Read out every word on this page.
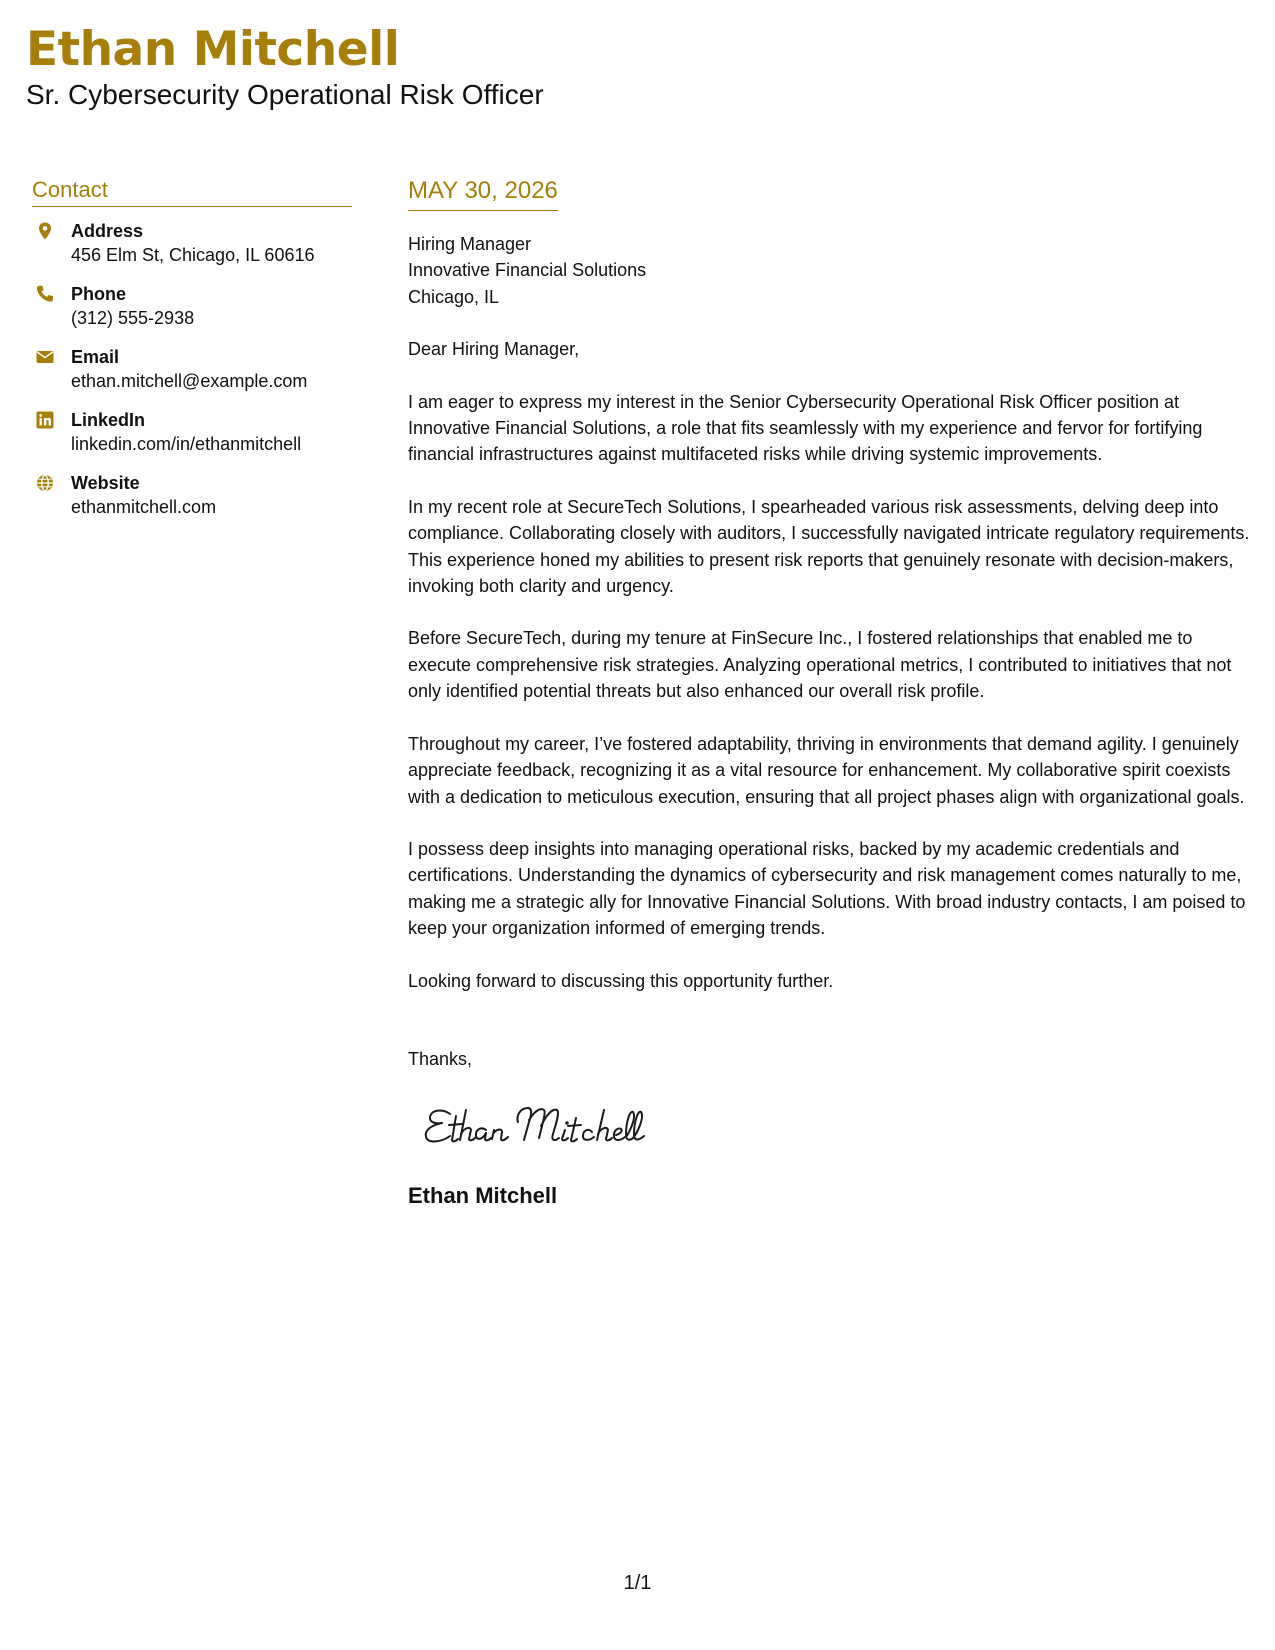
Ethan Mitchell
Sr. Cybersecurity Operational Risk Officer
Contact
Address
456 Elm St, Chicago, IL 60616
Phone
(312) 555-2938
Email
ethan.mitchell@example.com
LinkedIn
linkedin.com/in/ethanmitchell
Website
ethanmitchell.com
MAY 30, 2026
Hiring Manager
Innovative Financial Solutions
Chicago, IL
Dear Hiring Manager,

I am eager to express my interest in the Senior Cybersecurity Operational Risk Officer position at Innovative Financial Solutions, a role that fits seamlessly with my experience and fervor for fortifying financial infrastructures against multifaceted risks while driving systemic improvements.

In my recent role at SecureTech Solutions, I spearheaded various risk assessments, delving deep into compliance. Collaborating closely with auditors, I successfully navigated intricate regulatory requirements. This experience honed my abilities to present risk reports that genuinely resonate with decision-makers, invoking both clarity and urgency.

Before SecureTech, during my tenure at FinSecure Inc., I fostered relationships that enabled me to execute comprehensive risk strategies. Analyzing operational metrics, I contributed to initiatives that not only identified potential threats but also enhanced our overall risk profile.

Throughout my career, I’ve fostered adaptability, thriving in environments that demand agility. I genuinely appreciate feedback, recognizing it as a vital resource for enhancement. My collaborative spirit coexists with a dedication to meticulous execution, ensuring that all project phases align with organizational goals.

I possess deep insights into managing operational risks, backed by my academic credentials and certifications. Understanding the dynamics of cybersecurity and risk management comes naturally to me, making me a strategic ally for Innovative Financial Solutions. With broad industry contacts, I am poised to keep your organization informed of emerging trends.

Looking forward to discussing this opportunity further.

Thanks,
Ethan Mitchell
1/1
